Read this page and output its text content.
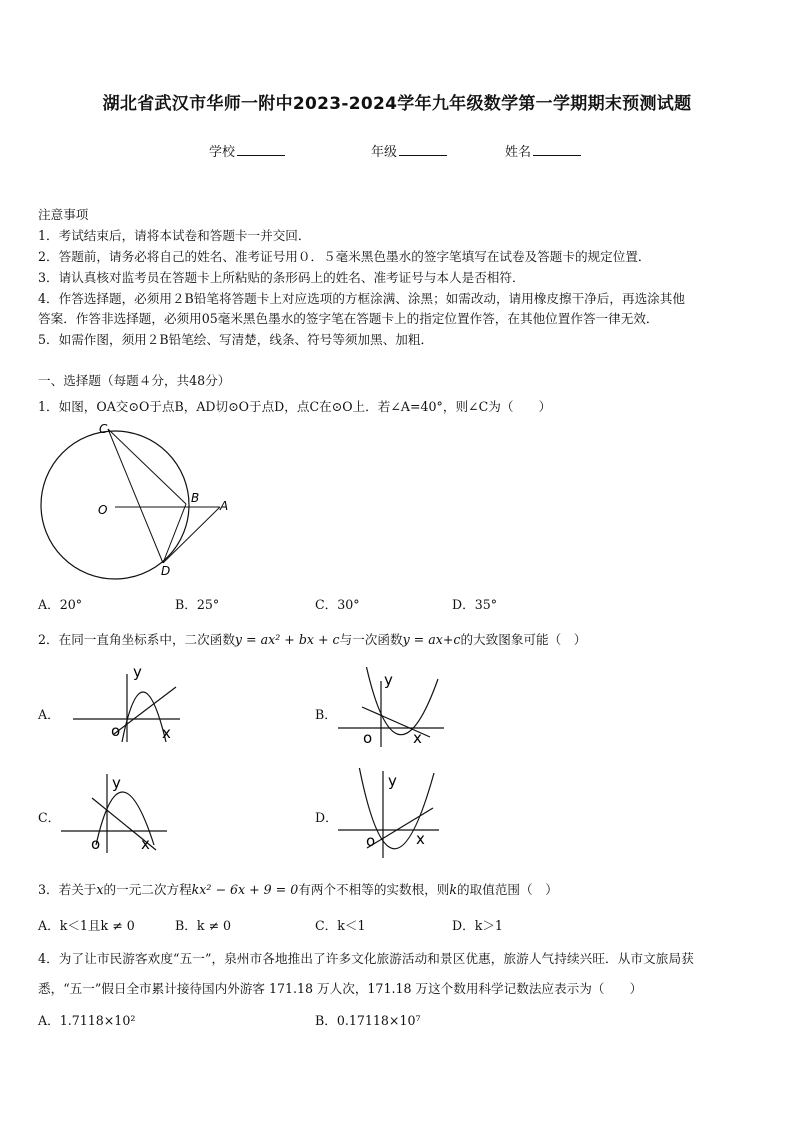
湖北省武汉市华师一附中2023-2024学年九年级数学第一学期期末预测试题
学校	年级	姓名
注意事项
1．考试结束后，请将本试卷和答题卡一并交回．
2．答题前，请务必将自己的姓名、准考证号用０．５毫米黑色墨水的签字笔填写在试卷及答题卡的规定位置．
3．请认真核对监考员在答题卡上所粘贴的条形码上的姓名、准考证号与本人是否相符．
4．作答选择题，必须用２B铅笔将答题卡上对应选项的方框涂满、涂黑；如需改动，请用橡皮擦干净后，再选涂其他
答案．作答非选择题，必须用05毫米黑色墨水的签字笔在答题卡上的指定位置作答，在其他位置作答一律无效．
5．如需作图，须用２B铅笔绘、写清楚，线条、符号等须加黑、加粗．
一、选择题（每题４分，共48分）
1．如图，OA交⊙O于点B，AD切⊙O于点D，点C在⊙O上．若∠A=40°，则∠C为（　　）
C
O
B
A
D
A．20°	B．25°	C．30°	D．35°
2．在同一直角坐标系中，二次函数y = ax² + bx + c与一次函数y = ax+c的大致图象可能（　）
A．
y
o	x
B．
y
o	x
C．
y
o	x
D．
y
o	x
3．若关于x的一元二次方程kx² − 6x + 9 = 0有两个不相等的实数根，则k的取值范围（　）
A．k＜1且k ≠ 0	B．k ≠ 0	C．k＜1	D．k＞1
4．为了让市民游客欢度“五一”，泉州市各地推出了许多文化旅游活动和景区优惠，旅游人气持续兴旺．从市文旅局获
悉，“五一”假日全市累计接待国内外游客 171.18 万人次，171.18 万这个数用科学记数法应表示为（　　）
A．1.7118×10²	B．0.17118×10⁷
